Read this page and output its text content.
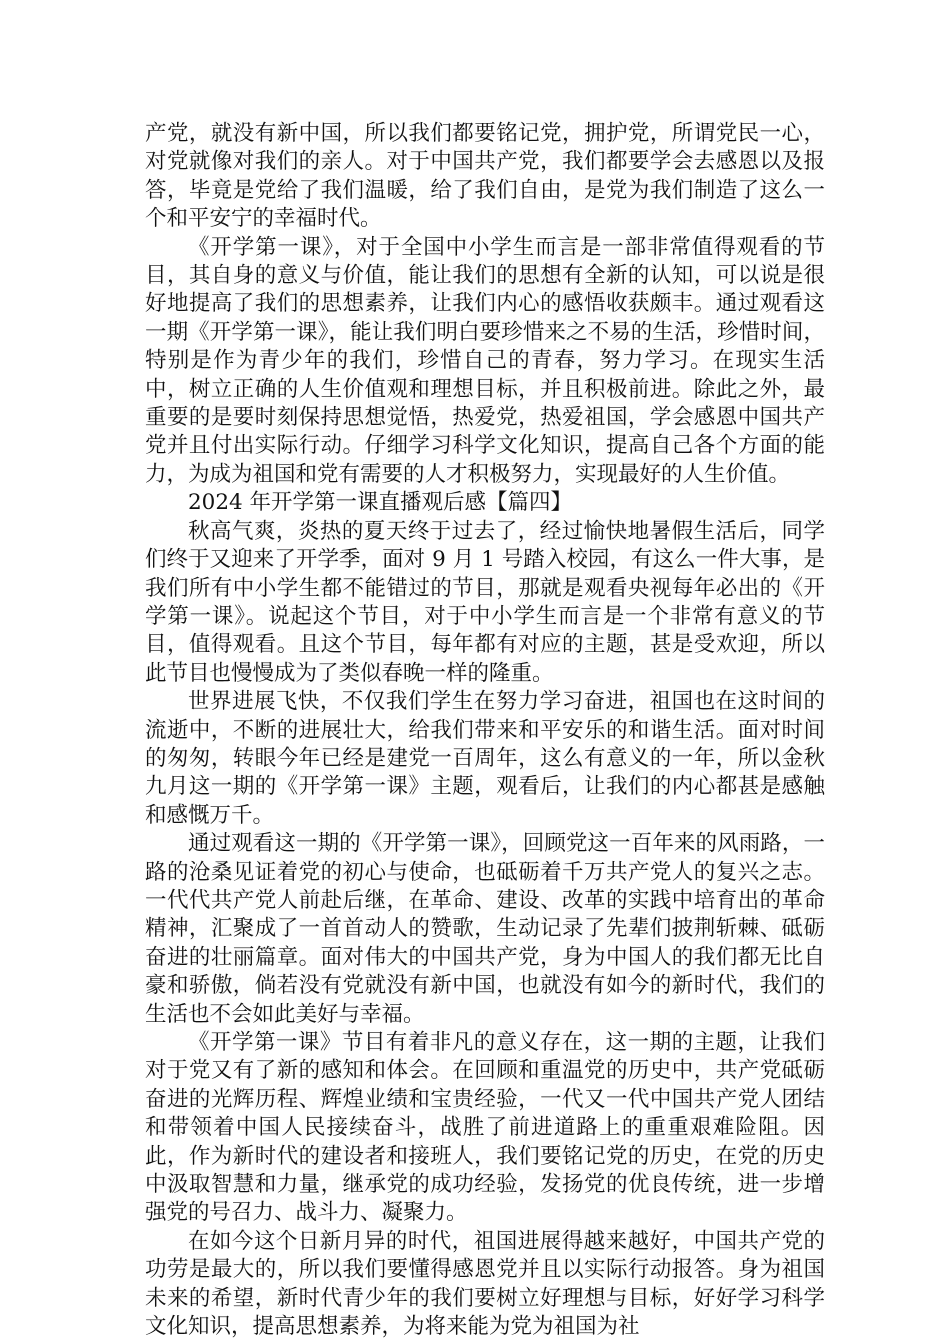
产党，就没有新中国，所以我们都要铭记党，拥护党，所谓党民一心，对党就像对我们的亲人。对于中国共产党，我们都要学会去感恩以及报答，毕竟是党给了我们温暖，给了我们自由，是党为我们制造了这么一个和平安宁的幸福时代。

《开学第一课》，对于全国中小学生而言是一部非常值得观看的节目，其自身的意义与价值，能让我们的思想有全新的认知，可以说是很好地提高了我们的思想素养，让我们内心的感悟收获颇丰。通过观看这一期《开学第一课》，能让我们明白要珍惜来之不易的生活，珍惜时间，特别是作为青少年的我们，珍惜自己的青春，努力学习。在现实生活中，树立正确的人生价值观和理想目标，并且积极前进。除此之外，最重要的是要时刻保持思想觉悟，热爱党，热爱祖国，学会感恩中国共产党并且付出实际行动。仔细学习科学文化知识，提高自己各个方面的能力，为成为祖国和党有需要的人才积极努力，实现最好的人生价值。

2024 年开学第一课直播观后感【篇四】

秋高气爽，炎热的夏天终于过去了，经过愉快地暑假生活后，同学们终于又迎来了开学季，面对 9 月 1 号踏入校园，有这么一件大事，是我们所有中小学生都不能错过的节目，那就是观看央视每年必出的《开学第一课》。说起这个节目，对于中小学生而言是一个非常有意义的节目，值得观看。且这个节目，每年都有对应的主题，甚是受欢迎，所以此节目也慢慢成为了类似春晚一样的隆重。

世界进展飞快，不仅我们学生在努力学习奋进，祖国也在这时间的流逝中，不断的进展壮大，给我们带来和平安乐的和谐生活。面对时间的匆匆，转眼今年已经是建党一百周年，这么有意义的一年，所以金秋九月这一期的《开学第一课》主题，观看后，让我们的内心都甚是感触和感慨万千。

通过观看这一期的《开学第一课》，回顾党这一百年来的风雨路，一路的沧桑见证着党的初心与使命，也砥砺着千万共产党人的复兴之志。一代代共产党人前赴后继，在革命、建设、改革的实践中培育出的革命精神，汇聚成了一首首动人的赞歌，生动记录了先辈们披荆斩棘、砥砺奋进的壮丽篇章。面对伟大的中国共产党，身为中国人的我们都无比自豪和骄傲，倘若没有党就没有新中国，也就没有如今的新时代，我们的生活也不会如此美好与幸福。

《开学第一课》节目有着非凡的意义存在，这一期的主题，让我们对于党又有了新的感知和体会。在回顾和重温党的历史中，共产党砥砺奋进的光辉历程、辉煌业绩和宝贵经验，一代又一代中国共产党人团结和带领着中国人民接续奋斗，战胜了前进道路上的重重艰难险阻。因此，作为新时代的建设者和接班人，我们要铭记党的历史，在党的历史中汲取智慧和力量，继承党的成功经验，发扬党的优良传统，进一步增强党的号召力、战斗力、凝聚力。

在如今这个日新月异的时代，祖国进展得越来越好，中国共产党的功劳是最大的，所以我们要懂得感恩党并且以实际行动报答。身为祖国未来的希望，新时代青少年的我们要树立好理想与目标，好好学习科学文化知识，提高思想素养，为将来能为党为祖国为社
